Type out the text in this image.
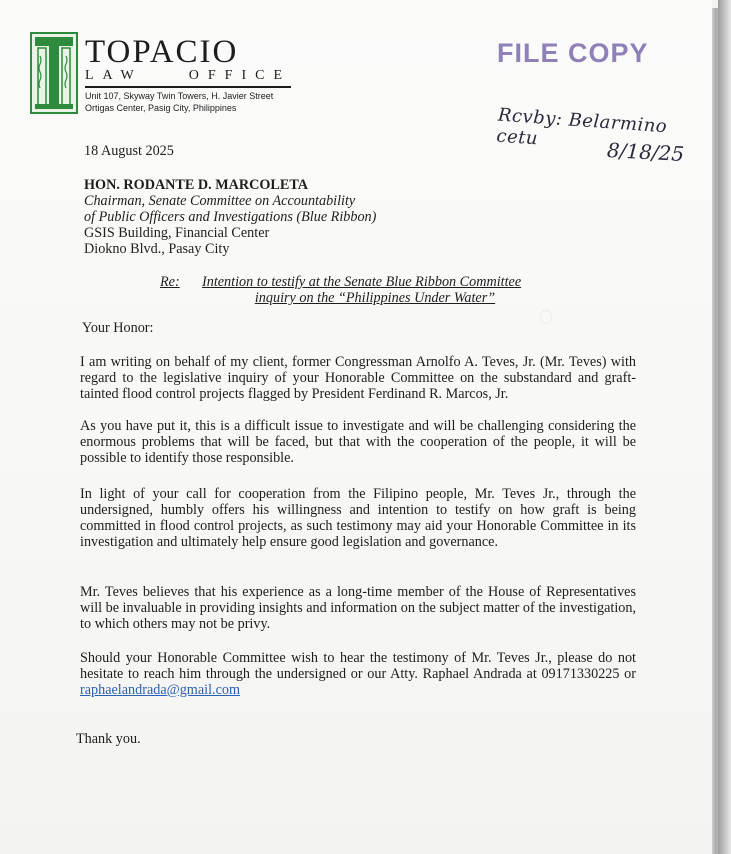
TOPACIO
LAW	OFFICE
Unit 107, Skyway Twin Towers, H. Javier Street
Ortigas Center, Pasig City, Philippines
FILE COPY
Rcvby: Belarmino cetu
8/18/25
18 August 2025
HON. RODANTE D. MARCOLETA
Chairman, Senate Committee on Accountability
of Public Officers and Investigations (Blue Ribbon)
GSIS Building, Financial Center
Diokno Blvd., Pasay City
Re: Intention to testify at the Senate Blue Ribbon Committee
inquiry on the “Philippines Under Water”
Your Honor:
I am writing on behalf of my client, former Congressman Arnolfo A. Teves, Jr. (Mr. Teves) with regard to the legislative inquiry of your Honorable Committee on the substandard and graft-tainted flood control projects flagged by President Ferdinand R. Marcos, Jr.
As you have put it, this is a difficult issue to investigate and will be challenging considering the enormous problems that will be faced, but that with the cooperation of the people, it will be possible to identify those responsible.
In light of your call for cooperation from the Filipino people, Mr. Teves Jr., through the undersigned, humbly offers his willingness and intention to testify on how graft is being committed in flood control projects, as such testimony may aid your Honorable Committee in its investigation and ultimately help ensure good legislation and governance.
Mr. Teves believes that his experience as a long-time member of the House of Representatives will be invaluable in providing insights and information on the subject matter of the investigation, to which others may not be privy.
Should your Honorable Committee wish to hear the testimony of Mr. Teves Jr., please do not hesitate to reach him through the undersigned or our Atty. Raphael Andrada at 09171330225 or raphaelandrada@gmail.com
Thank you.
